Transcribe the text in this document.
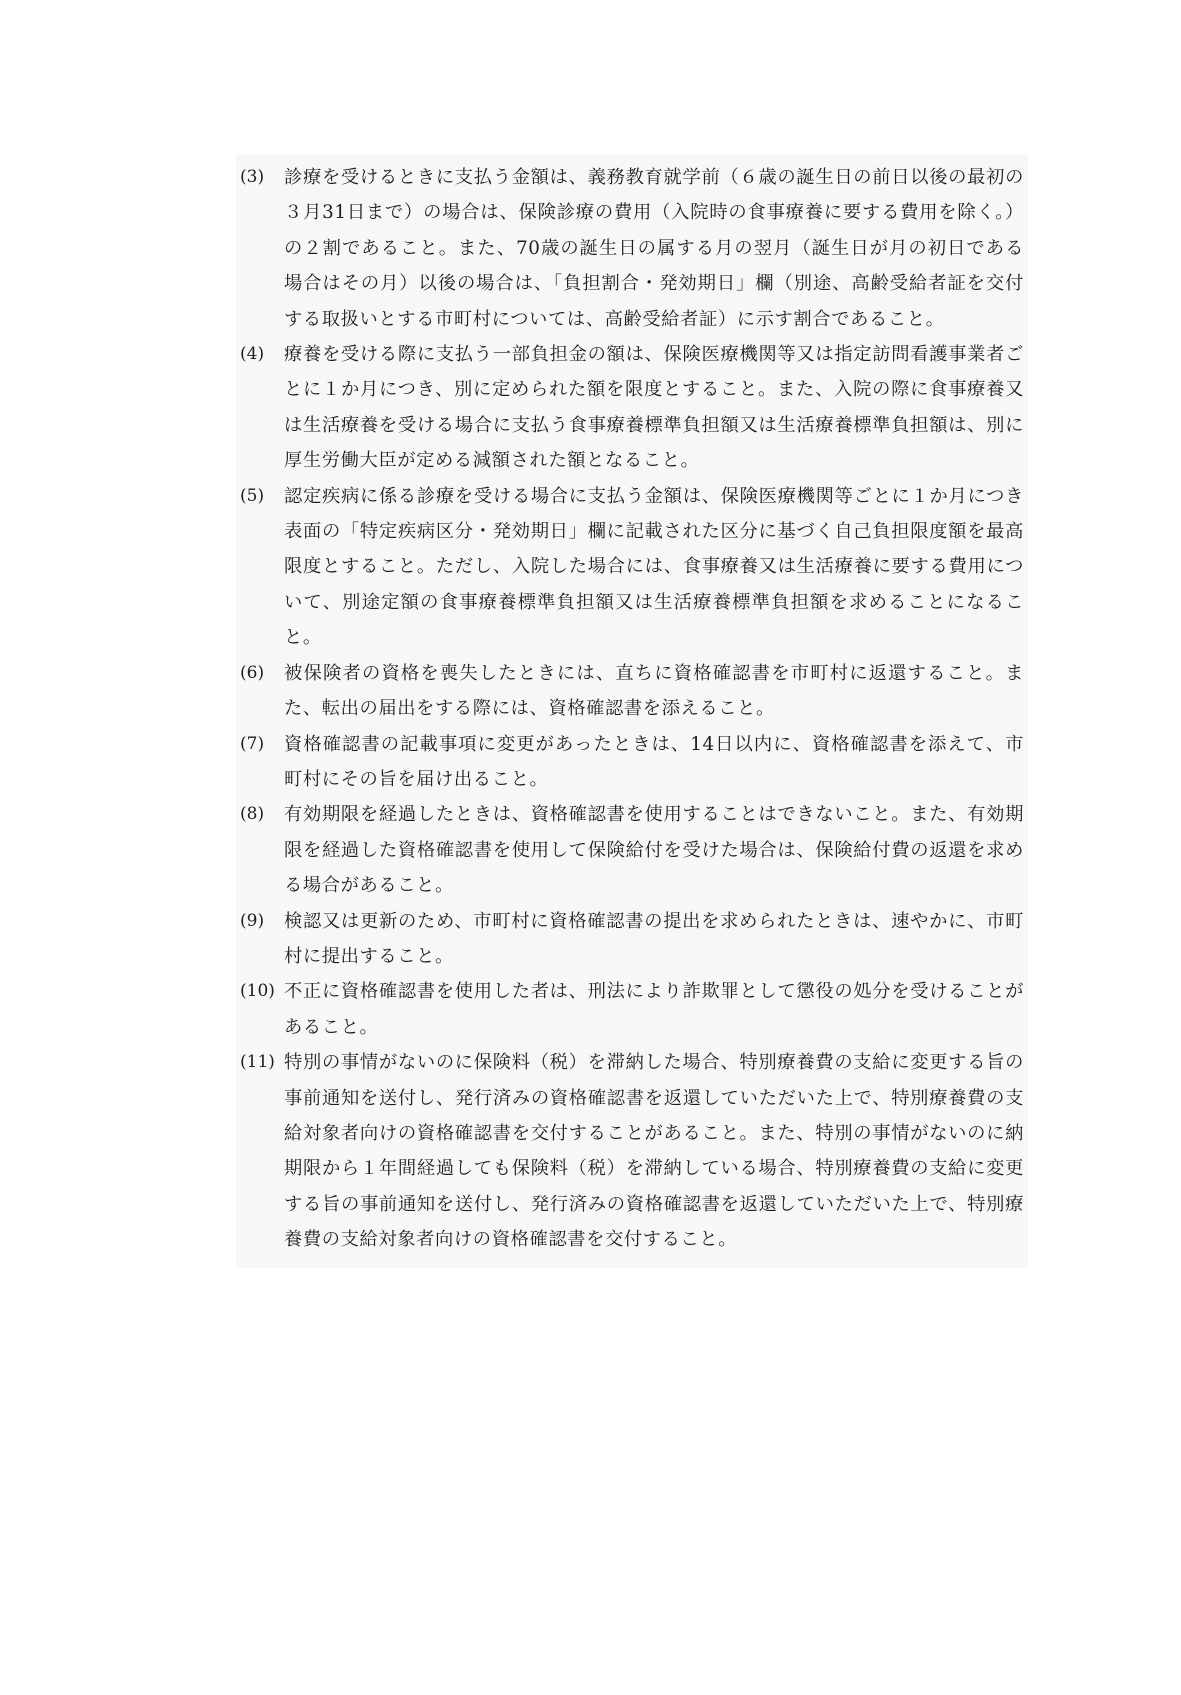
(3)	診療を受けるときに支払う金額は、義務教育就学前（６歳の誕生日の前日以後の最初の３月31日まで）の場合は、保険診療の費用（入院時の食事療養に要する費用を除く。）の２割であること。また、70歳の誕生日の属する月の翌月（誕生日が月の初日である場合はその月）以後の場合は、「負担割合・発効期日」欄（別途、高齢受給者証を交付する取扱いとする市町村については、高齢受給者証）に示す割合であること。
(4)	療養を受ける際に支払う一部負担金の額は、保険医療機関等又は指定訪問看護事業者ごとに１か月につき、別に定められた額を限度とすること。また、入院の際に食事療養又は生活療養を受ける場合に支払う食事療養標準負担額又は生活療養標準負担額は、別に厚生労働大臣が定める減額された額となること。
(5)	認定疾病に係る診療を受ける場合に支払う金額は、保険医療機関等ごとに１か月につき表面の「特定疾病区分・発効期日」欄に記載された区分に基づく自己負担限度額を最高限度とすること。ただし、入院した場合には、食事療養又は生活療養に要する費用について、別途定額の食事療養標準負担額又は生活療養標準負担額を求めることになること。
(6)	被保険者の資格を喪失したときには、直ちに資格確認書を市町村に返還すること。また、転出の届出をする際には、資格確認書を添えること。
(7)	資格確認書の記載事項に変更があったときは、14日以内に、資格確認書を添えて、市町村にその旨を届け出ること。
(8)	有効期限を経過したときは、資格確認書を使用することはできないこと。また、有効期限を経過した資格確認書を使用して保険給付を受けた場合は、保険給付費の返還を求める場合があること。
(9)	検認又は更新のため、市町村に資格確認書の提出を求められたときは、速やかに、市町村に提出すること。
(10) 不正に資格確認書を使用した者は、刑法により詐欺罪として懲役の処分を受けることがあること。
(11) 特別の事情がないのに保険料（税）を滞納した場合、特別療養費の支給に変更する旨の事前通知を送付し、発行済みの資格確認書を返還していただいた上で、特別療養費の支給対象者向けの資格確認書を交付することがあること。また、特別の事情がないのに納期限から１年間経過しても保険料（税）を滞納している場合、特別療養費の支給に変更する旨の事前通知を送付し、発行済みの資格確認書を返還していただいた上で、特別療養費の支給対象者向けの資格確認書を交付すること。
